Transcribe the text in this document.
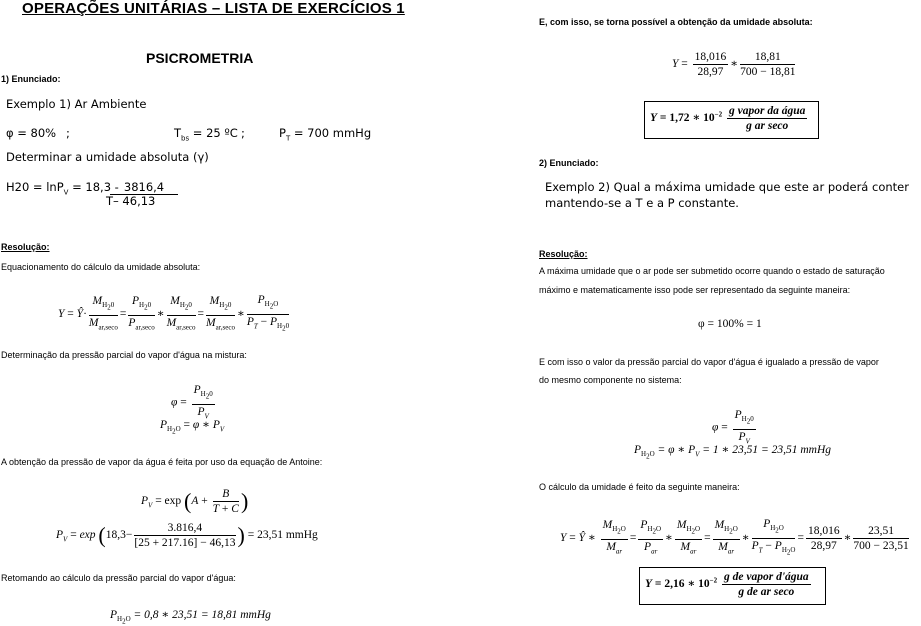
OPERAÇÕES UNITÁRIAS – LISTA DE EXERCÍCIOS 1
PSICROMETRIA
1) Enunciado:
Exemplo 1) Ar Ambiente
φ = 80% ;	$T_{bs} = 25$ ºC ;	$P_T = 700$ mmHg
Determinar a umidade absoluta (γ)
H20 = lnP$_V$ = 18,3 - 3816,4
T– 46,13
Resolução:
Equacionamento do cálculo da umidade absoluta:
Y = Ŷ· $\frac{M_{H_20}}{M_{ar,seco}} = \frac{P_{H_20}}{P_{ar,seco}}$ ∗ $\frac{M_{H_20}}{M_{ar,seco}} = \frac{M_{H_20}}{M_{ar,seco}}$ ∗ $\frac{P_{H_2O}}{P_T - P_{H_20}}$
Determinação da pressão parcial do vapor d'água na mistura:
$\varphi = \frac{P_{H_20}}{P_V}$
$P_{H_2O} = \varphi$ ∗ $P_V$
A obtenção da pressão de vapor da água é feita por uso da equação de Antoine:
$P_V = \exp (A + \frac{B}{T + C}$ )
$P_V = \exp (18,3- \frac{3.816,4}{[25 + 217.16] - 46,13}$ ) = 23,51 mmHg
Retomando ao cálculo da pressão parcial do vapor d'água:
$P_{H_2O} = 0,8$ ∗ 23,51 = 18,81 mmHg
E, com isso, se torna possível a obtenção da umidade absoluta:
$Y = \frac{18,016}{28,97}$ ∗ $\frac{18,81}{700 - 18,81}$
Y = 1,72 ∗ $10^{-2} \frac{\text{g vapor da água}}{\text{g ar seco}}$
2) Enunciado:
Exemplo 2) Qual a máxima umidade que este ar poderá conter
mantendo-se a T e a P constante.
Resolução:
A máxima umidade que o ar pode ser submetido ocorre quando o estado de saturação
máximo e matematicamente isso pode ser representado da seguinte maneira:
φ = 100% = 1
E com isso o valor da pressão parcial do vapor d'água é igualado a pressão de vapor
do mesmo componente no sistema:
$\varphi = \frac{P_{H_20}}{P_V}$
$P_{H_2O} = \varphi$ ∗ $P_V = 1$ ∗ 23,51 = 23,51 mmHg
O cálculo da umidade é feito da seguinte maneira:
Y = Ŷ ∗ $\frac{M_{H_2O}}{M_{ar}} = \frac{P_{H_2O}}{P_{ar}}$ ∗ $\frac{M_{H_2O}}{M_{ar}} = \frac{M_{H_2O}}{M_{ar}}$ ∗ $\frac{P_{H_2O}}{P_T - P_{H_2O}} = \frac{18,016}{28,97}$ ∗ $\frac{23,51}{700 - 23,51}$
Y = 2,16 ∗ $10^{-2} \frac{\text{g de vapor d'água}}{\text{g de ar seco}}$
